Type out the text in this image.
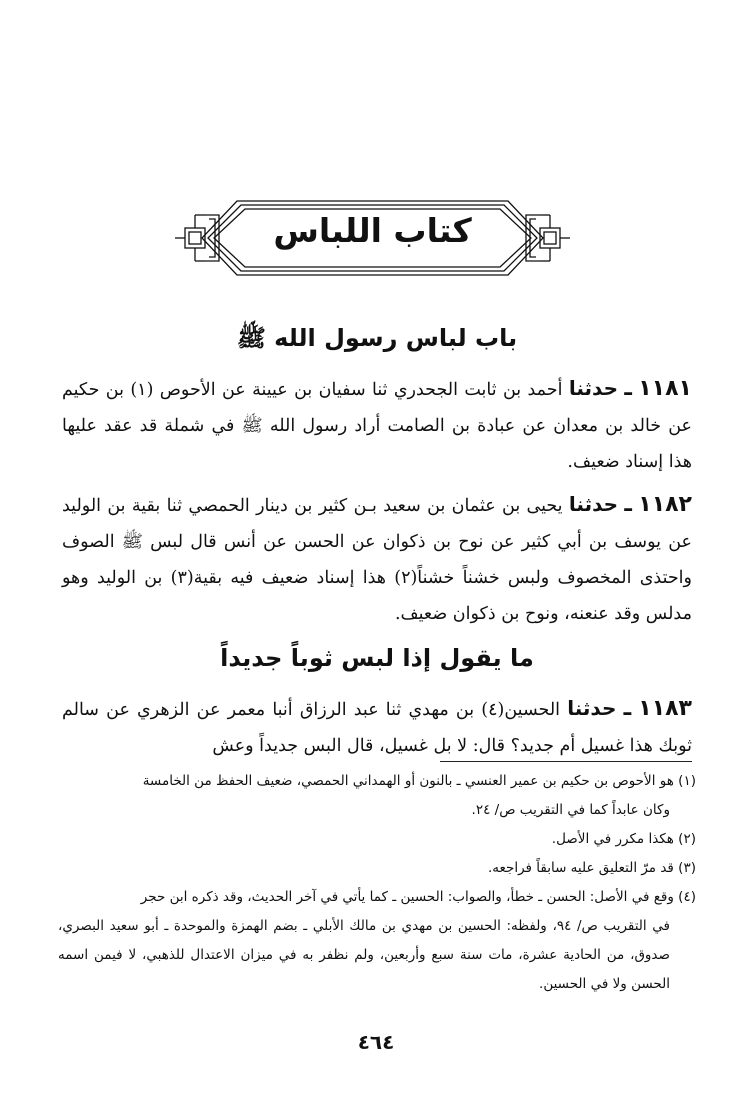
كتاب اللباس
باب لباس رسول الله ﷺ

١١٨١ ـ حدثنا أحمد بن ثابت الجحدري ثنا سفيان بن عيينة عن الأحوص (١) بن حكيم عن خالد بن معدان عن عبادة بن الصامت أراد رسول الله ﷺ في شملة قد عقد عليها هذا إسناد ضعيف.

١١٨٢ ـ حدثنا يحيى بن عثمان بن سعيد بـن كثير بن دينار الحمصي ثنا بقية بن الوليد عن يوسف بن أبي كثير عن نوح بن ذكوان عن الحسن عن أنس قال لبس ﷺ الصوف واحتذى المخصوف ولبس خشناً خشناً(٢) هذا إسناد ضعيف فيه بقية(٣) بن الوليد وهو مدلس وقد عنعنه، ونوح بن ذكوان ضعيف.

ما يقول إذا لبس ثوباً جديداً

١١٨٣ ـ حدثنا الحسين(٤) بن مهدي ثنا عبد الرزاق أنبا معمر عن الزهري عن سالم ثوبك هذا غسيل أم جديد؟ قال: لا بل غسيل، قال البس جديداً وعش

(١) هو الأحوص بن حكيم بن عمير العنسي ـ بالنون أو الهمداني الحمصي، ضعيف الحفظ من الخامسة
وكان عابداً كما في التقريب ص/ ٢٤.

(٢) هكذا مكرر في الأصل.

(٣) قد مرّ التعليق عليه سابقاً فراجعه.

(٤) وقع في الأصل: الحسن ـ خطأ، والصواب: الحسين ـ كما يأتي في آخر الحديث، وقد ذكره ابن حجر
في التقريب ص/ ٩٤، ولفظه: الحسين بن مهدي بن مالك الأبلي ـ بضم الهمزة والموحدة ـ أبو سعيد البصري، صدوق، من الحادية عشرة، مات سنة سبع وأربعين، ولم نظفر به في ميزان الاعتدال للذهبي، لا فيمن اسمه الحسن ولا في الحسين.

٤٦٤
